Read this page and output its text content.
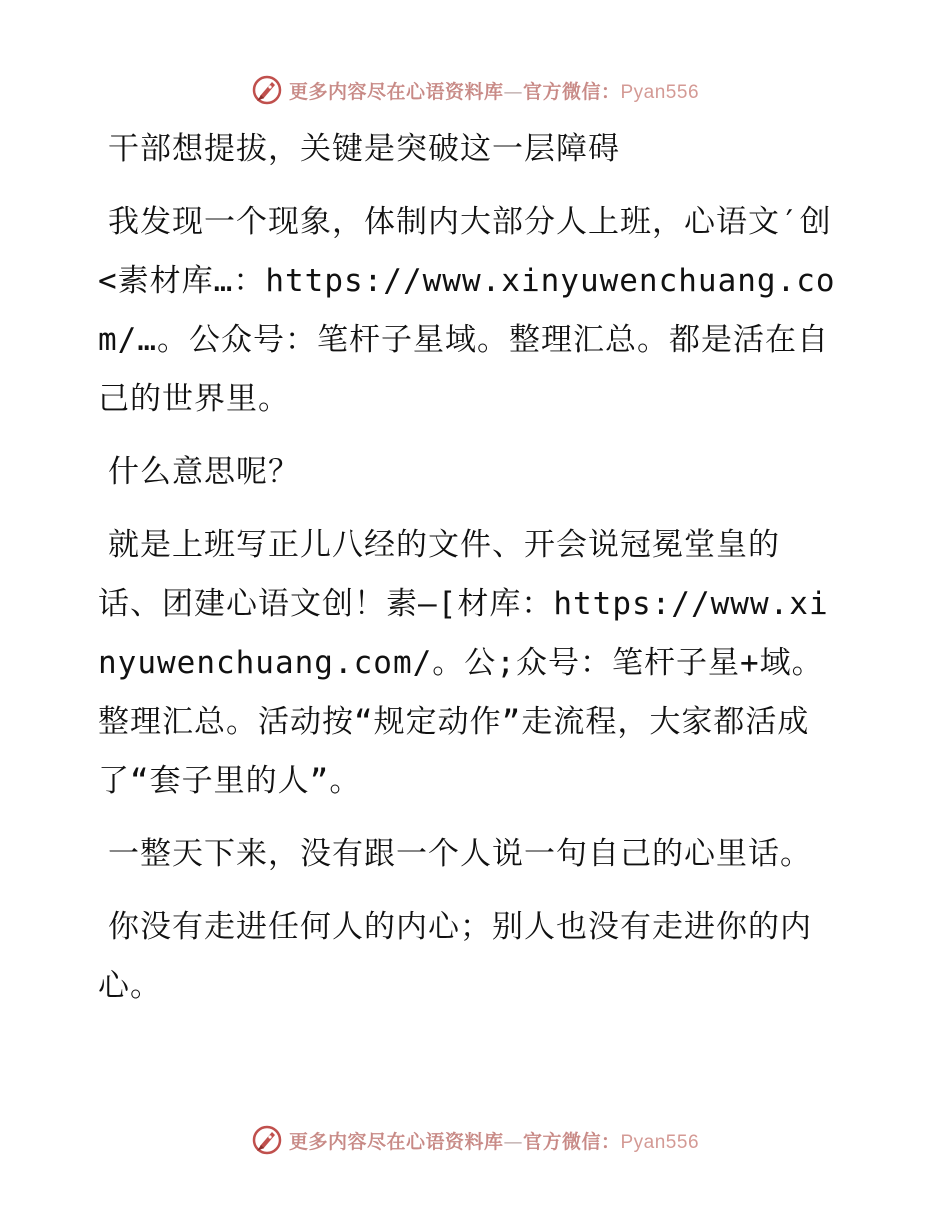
更多内容尽在心语资料库—官方微信：Pyan556

干部想提拔，关键是突破这一层障碍

我发现一个现象，体制内大部分人上班，心语文′创<素材库…：https://www.xinyuwenchuang.com/…。公众号：笔杆子星域。整理汇总。都是活在自己的世界里。

什么意思呢？

就是上班写正儿八经的文件、开会说冠冕堂皇的话、团建心语文创！素—[材库：https://www.xinyuwenchuang.com/。公;众号：笔杆子星+域。整理汇总。活动按“规定动作”走流程，大家都活成了“套子里的人”。

一整天下来，没有跟一个人说一句自己的心里话。

你没有走进任何人的内心；别人也没有走进你的内心。

更多内容尽在心语资料库—官方微信：Pyan556
